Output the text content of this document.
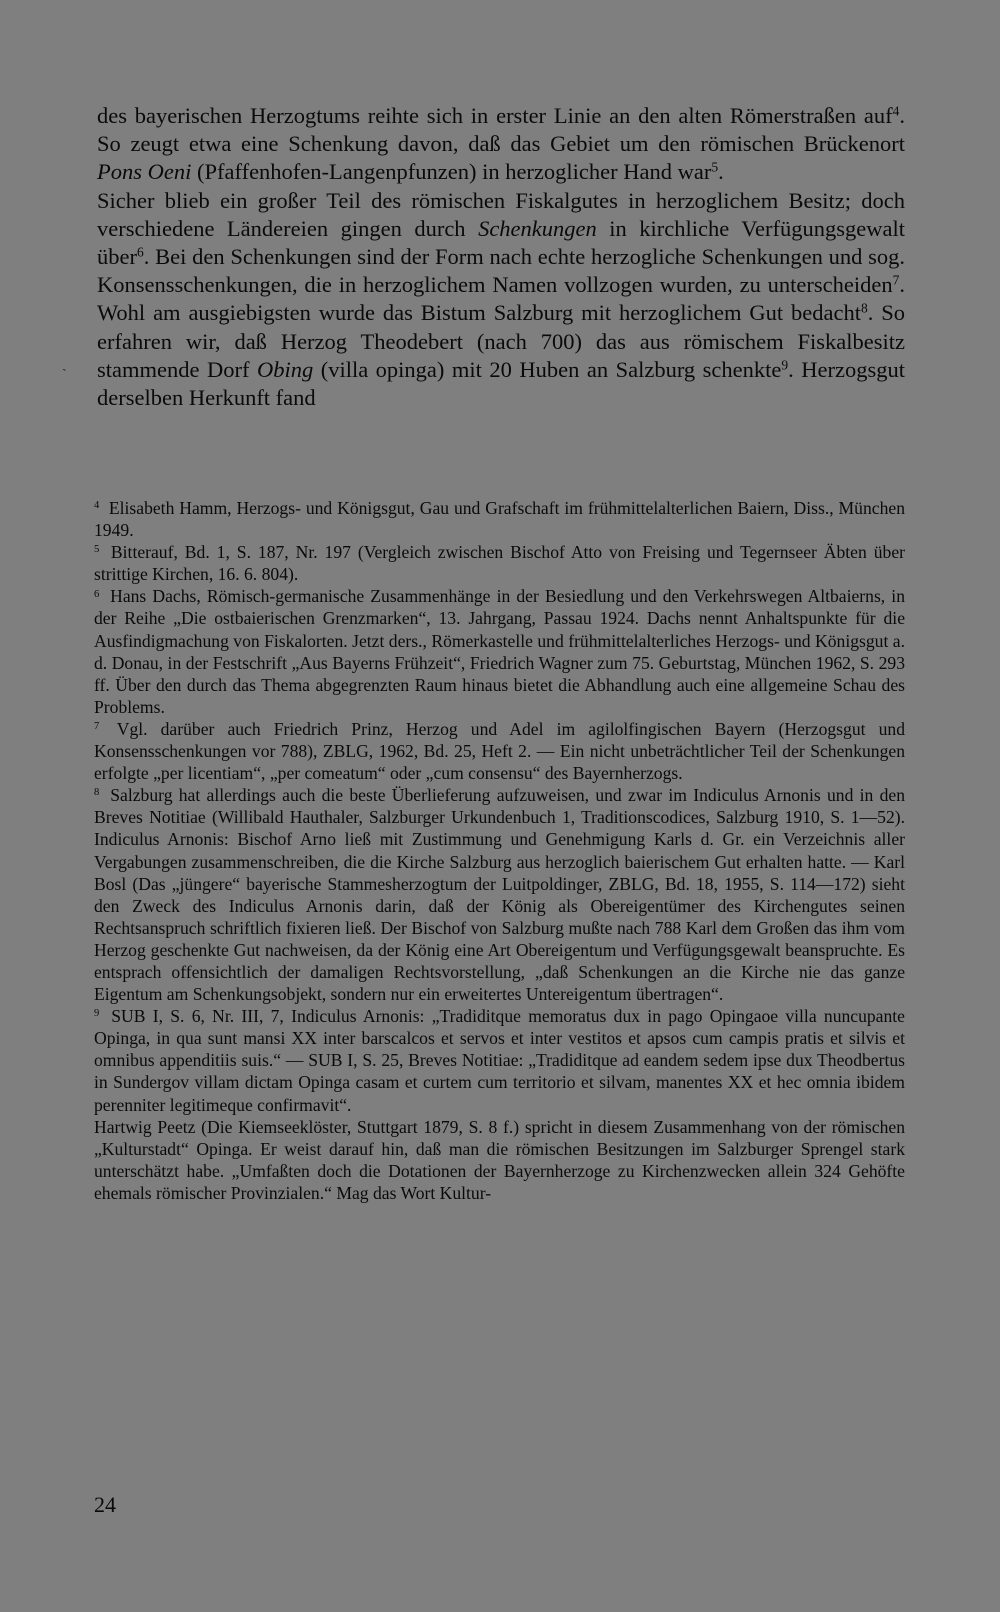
des bayerischen Herzogtums reihte sich in erster Linie an den alten Römerstraßen auf$^4$. So zeugt etwa eine Schenkung davon, daß das Gebiet um den römischen Brückenort Pons Oeni (Pfaffenhofen-Langenpfunzen) in herzoglicher Hand war$^5$.

Sicher blieb ein großer Teil des römischen Fiskalgutes in herzoglichem Besitz; doch verschiedene Ländereien gingen durch Schenkungen in kirchliche Verfügungsgewalt über$^6$. Bei den Schenkungen sind der Form nach echte herzogliche Schenkungen und sog. Konsensschenkungen, die in herzoglichem Namen vollzogen wurden, zu unterscheiden$^7$. Wohl am ausgiebigsten wurde das Bistum Salzburg mit herzoglichem Gut bedacht$^8$. So erfahren wir, daß Herzog Theodebert (nach 700) das aus römischem Fiskalbesitz stammende Dorf Obing (villa opinga) mit 20 Huben an Salzburg schenkte$^9$. Herzogsgut derselben Herkunft fand

ˎ

$^4$ Elisabeth Hamm, Herzogs- und Königsgut, Gau und Grafschaft im frühmittelalterlichen Baiern, Diss., München 1949.

$^5$ Bitterauf, Bd. 1, S. 187, Nr. 197 (Vergleich zwischen Bischof Atto von Freising und Tegernseer Äbten über strittige Kirchen, 16. 6. 804).

$^6$ Hans Dachs, Römisch-germanische Zusammenhänge in der Besiedlung und den Verkehrswegen Altbaierns, in der Reihe „Die ostbaierischen Grenzmarken“, 13. Jahrgang, Passau 1924. Dachs nennt Anhaltspunkte für die Ausfindigmachung von Fiskalorten. Jetzt ders., Römerkastelle und frühmittelalterliches Herzogs- und Königsgut a. d. Donau, in der Festschrift „Aus Bayerns Frühzeit“, Friedrich Wagner zum 75. Geburtstag, München 1962, S. 293 ff. Über den durch das Thema abgegrenzten Raum hinaus bietet die Abhandlung auch eine allgemeine Schau des Problems.

$^7$ Vgl. darüber auch Friedrich Prinz, Herzog und Adel im agilolfingischen Bayern (Herzogsgut und Konsensschenkungen vor 788), ZBLG, 1962, Bd. 25, Heft 2. — Ein nicht unbeträchtlicher Teil der Schenkungen erfolgte „per licentiam“, „per comeatum“ oder „cum consensu“ des Bayernherzogs.

$^8$ Salzburg hat allerdings auch die beste Überlieferung aufzuweisen, und zwar im Indiculus Arnonis und in den Breves Notitiae (Willibald Hauthaler, Salzburger Urkundenbuch 1, Traditionscodices, Salzburg 1910, S. 1—52). Indiculus Arnonis: Bischof Arno ließ mit Zustimmung und Genehmigung Karls d. Gr. ein Verzeichnis aller Vergabungen zusammenschreiben, die die Kirche Salzburg aus herzoglich baierischem Gut erhalten hatte. — Karl Bosl (Das „jüngere“ bayerische Stammesherzogtum der Luitpoldinger, ZBLG, Bd. 18, 1955, S. 114—172) sieht den Zweck des Indiculus Arnonis darin, daß der König als Obereigentümer des Kirchengutes seinen Rechtsanspruch schriftlich fixieren ließ. Der Bischof von Salzburg mußte nach 788 Karl dem Großen das ihm vom Herzog geschenkte Gut nachweisen, da der König eine Art Obereigentum und Verfügungsgewalt beanspruchte. Es entsprach offensichtlich der damaligen Rechtsvorstellung, „daß Schenkungen an die Kirche nie das ganze Eigentum am Schenkungsobjekt, sondern nur ein erweitertes Untereigentum übertragen“.

$^9$ SUB I, S. 6, Nr. III, 7, Indiculus Arnonis: „Tradiditque memoratus dux in pago Opingaoe villa nuncupante Opinga, in qua sunt mansi XX inter barscalcos et servos et inter vestitos et apsos cum campis pratis et silvis et omnibus appenditiis suis.“ — SUB I, S. 25, Breves Notitiae: „Tradiditque ad eandem sedem ipse dux Theodbertus in Sundergov villam dictam Opinga casam et curtem cum territorio et silvam, manentes XX et hec omnia ibidem perenniter legitimeque confirmavit“.

Hartwig Peetz (Die Kiemseeklöster, Stuttgart 1879, S. 8 f.) spricht in diesem Zusammenhang von der römischen „Kulturstadt“ Opinga. Er weist darauf hin, daß man die römischen Besitzungen im Salzburger Sprengel stark unterschätzt habe. „Umfaßten doch die Dotationen der Bayernherzoge zu Kirchenzwecken allein 324 Gehöfte ehemals römischer Provinzialen.“ Mag das Wort Kultur-

24
